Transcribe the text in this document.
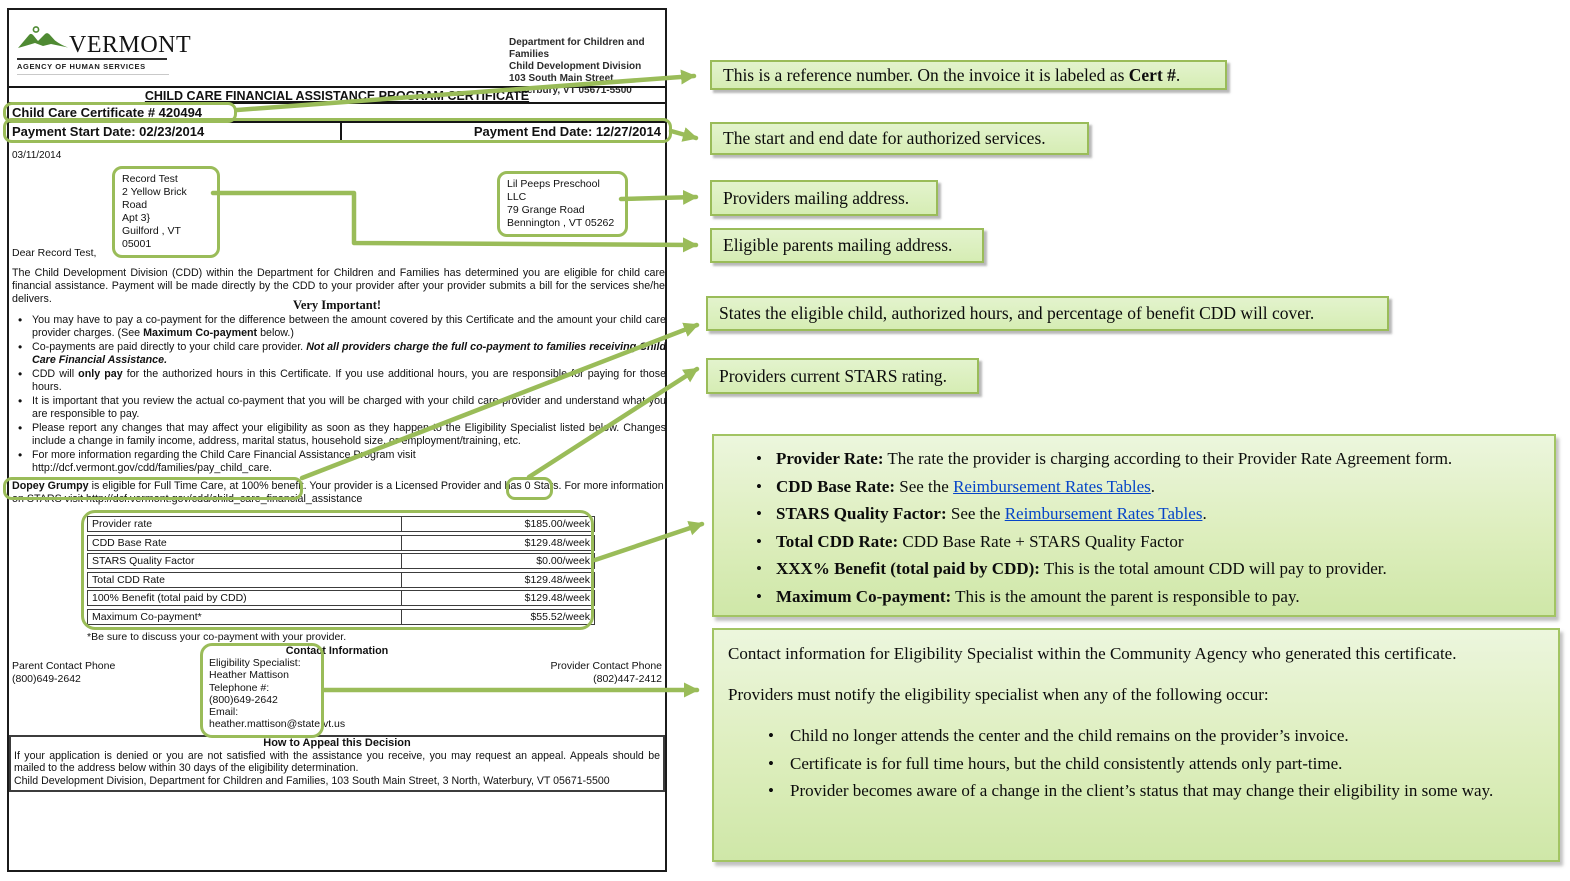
VERMONT
AGENCY OF HUMAN SERVICES
Department for Children and Families
Child Development Division
103 South Main Street
Waterbury, VT 05671-5500
CHILD CARE FINANCIAL ASSISTANCE PROGRAM CERTIFICATE
Child Care Certificate # 420494
Payment Start Date: 02/23/2014	Payment End Date: 12/27/2014
03/11/2014
Record Test
2 Yellow Brick Road
Apt 3}
Guilford , VT 05001
Lil Peeps Preschool LLC
79 Grange Road
Bennington , VT 05262
Dear Record Test,
The Child Development Division (CDD) within the Department for Children and Families has determined you are eligible for child care financial assistance. Payment will be made directly by the CDD to your provider after your provider submits a bill for the services she/he delivers.	Very Important!
• You may have to pay a co-payment for the difference between the amount covered by this Certificate and the amount your child care provider charges. (See Maximum Co-payment below.)
• Co-payments are paid directly to your child care provider. Not all providers charge the full co-payment to families receiving Child Care Financial Assistance.
• CDD will only pay for the authorized hours in this Certificate. If you use additional hours, you are responsible for paying for those hours.
• It is important that you review the actual co-payment that you will be charged with your child care provider and understand what you are responsible to pay.
• Please report any changes that may affect your eligibility as soon as they happen to the Eligibility Specialist listed below. Changes include a change in family income, address, marital status, household size, or employment/training, etc.
• For more information regarding the Child Care Financial Assistance Program visit
http://dcf.vermont.gov/cdd/families/pay_child_care.
Dopey Grumpy is eligible for Full Time Care, at 100% benefit. Your provider is a Licensed Provider and has 0 Stars. For more information on STARS visit http://dcf.vermont.gov/cdd/child_care_financial_assistance
Provider rate	$185.00/week
CDD Base Rate	$129.48/week
STARS Quality Factor	$0.00/week
Total CDD Rate	$129.48/week
100% Benefit (total paid by CDD)	$129.48/week
Maximum Co-payment*	$55.52/week
*Be sure to discuss your co-payment with your provider.
Contact Information
Parent Contact Phone
(800)649-2642
Eligibility Specialist:
Heather Mattison
Telephone #:
(800)649-2642
Email:
heather.mattison@state.vt.us
Provider Contact Phone
(802)447-2412
How to Appeal this Decision
If your application is denied or you are not satisfied with the assistance you receive, you may request an appeal. Appeals should be mailed to the address below within 30 days of the eligibility determination.
Child Development Division, Department for Children and Families, 103 South Main Street, 3 North, Waterbury, VT 05671-5500
This is a reference number. On the invoice it is labeled as Cert #.
The start and end date for authorized services.
Providers mailing address.
Eligible parents mailing address.
States the eligible child, authorized hours, and percentage of benefit CDD will cover.
Providers current STARS rating.
• Provider Rate: The rate the provider is charging according to their Provider Rate Agreement form.
• CDD Base Rate: See the Reimbursement Rates Tables.
• STARS Quality Factor: See the Reimbursement Rates Tables.
• Total CDD Rate: CDD Base Rate + STARS Quality Factor
• XXX% Benefit (total paid by CDD): This is the total amount CDD will pay to provider.
• Maximum Co-payment: This is the amount the parent is responsible to pay.
Contact information for Eligibility Specialist within the Community Agency who generated this certificate.
Providers must notify the eligibility specialist when any of the following occur:
• Child no longer attends the center and the child remains on the provider’s invoice.
• Certificate is for full time hours, but the child consistently attends only part-time.
• Provider becomes aware of a change in the client’s status that may change their eligibility in some way.
